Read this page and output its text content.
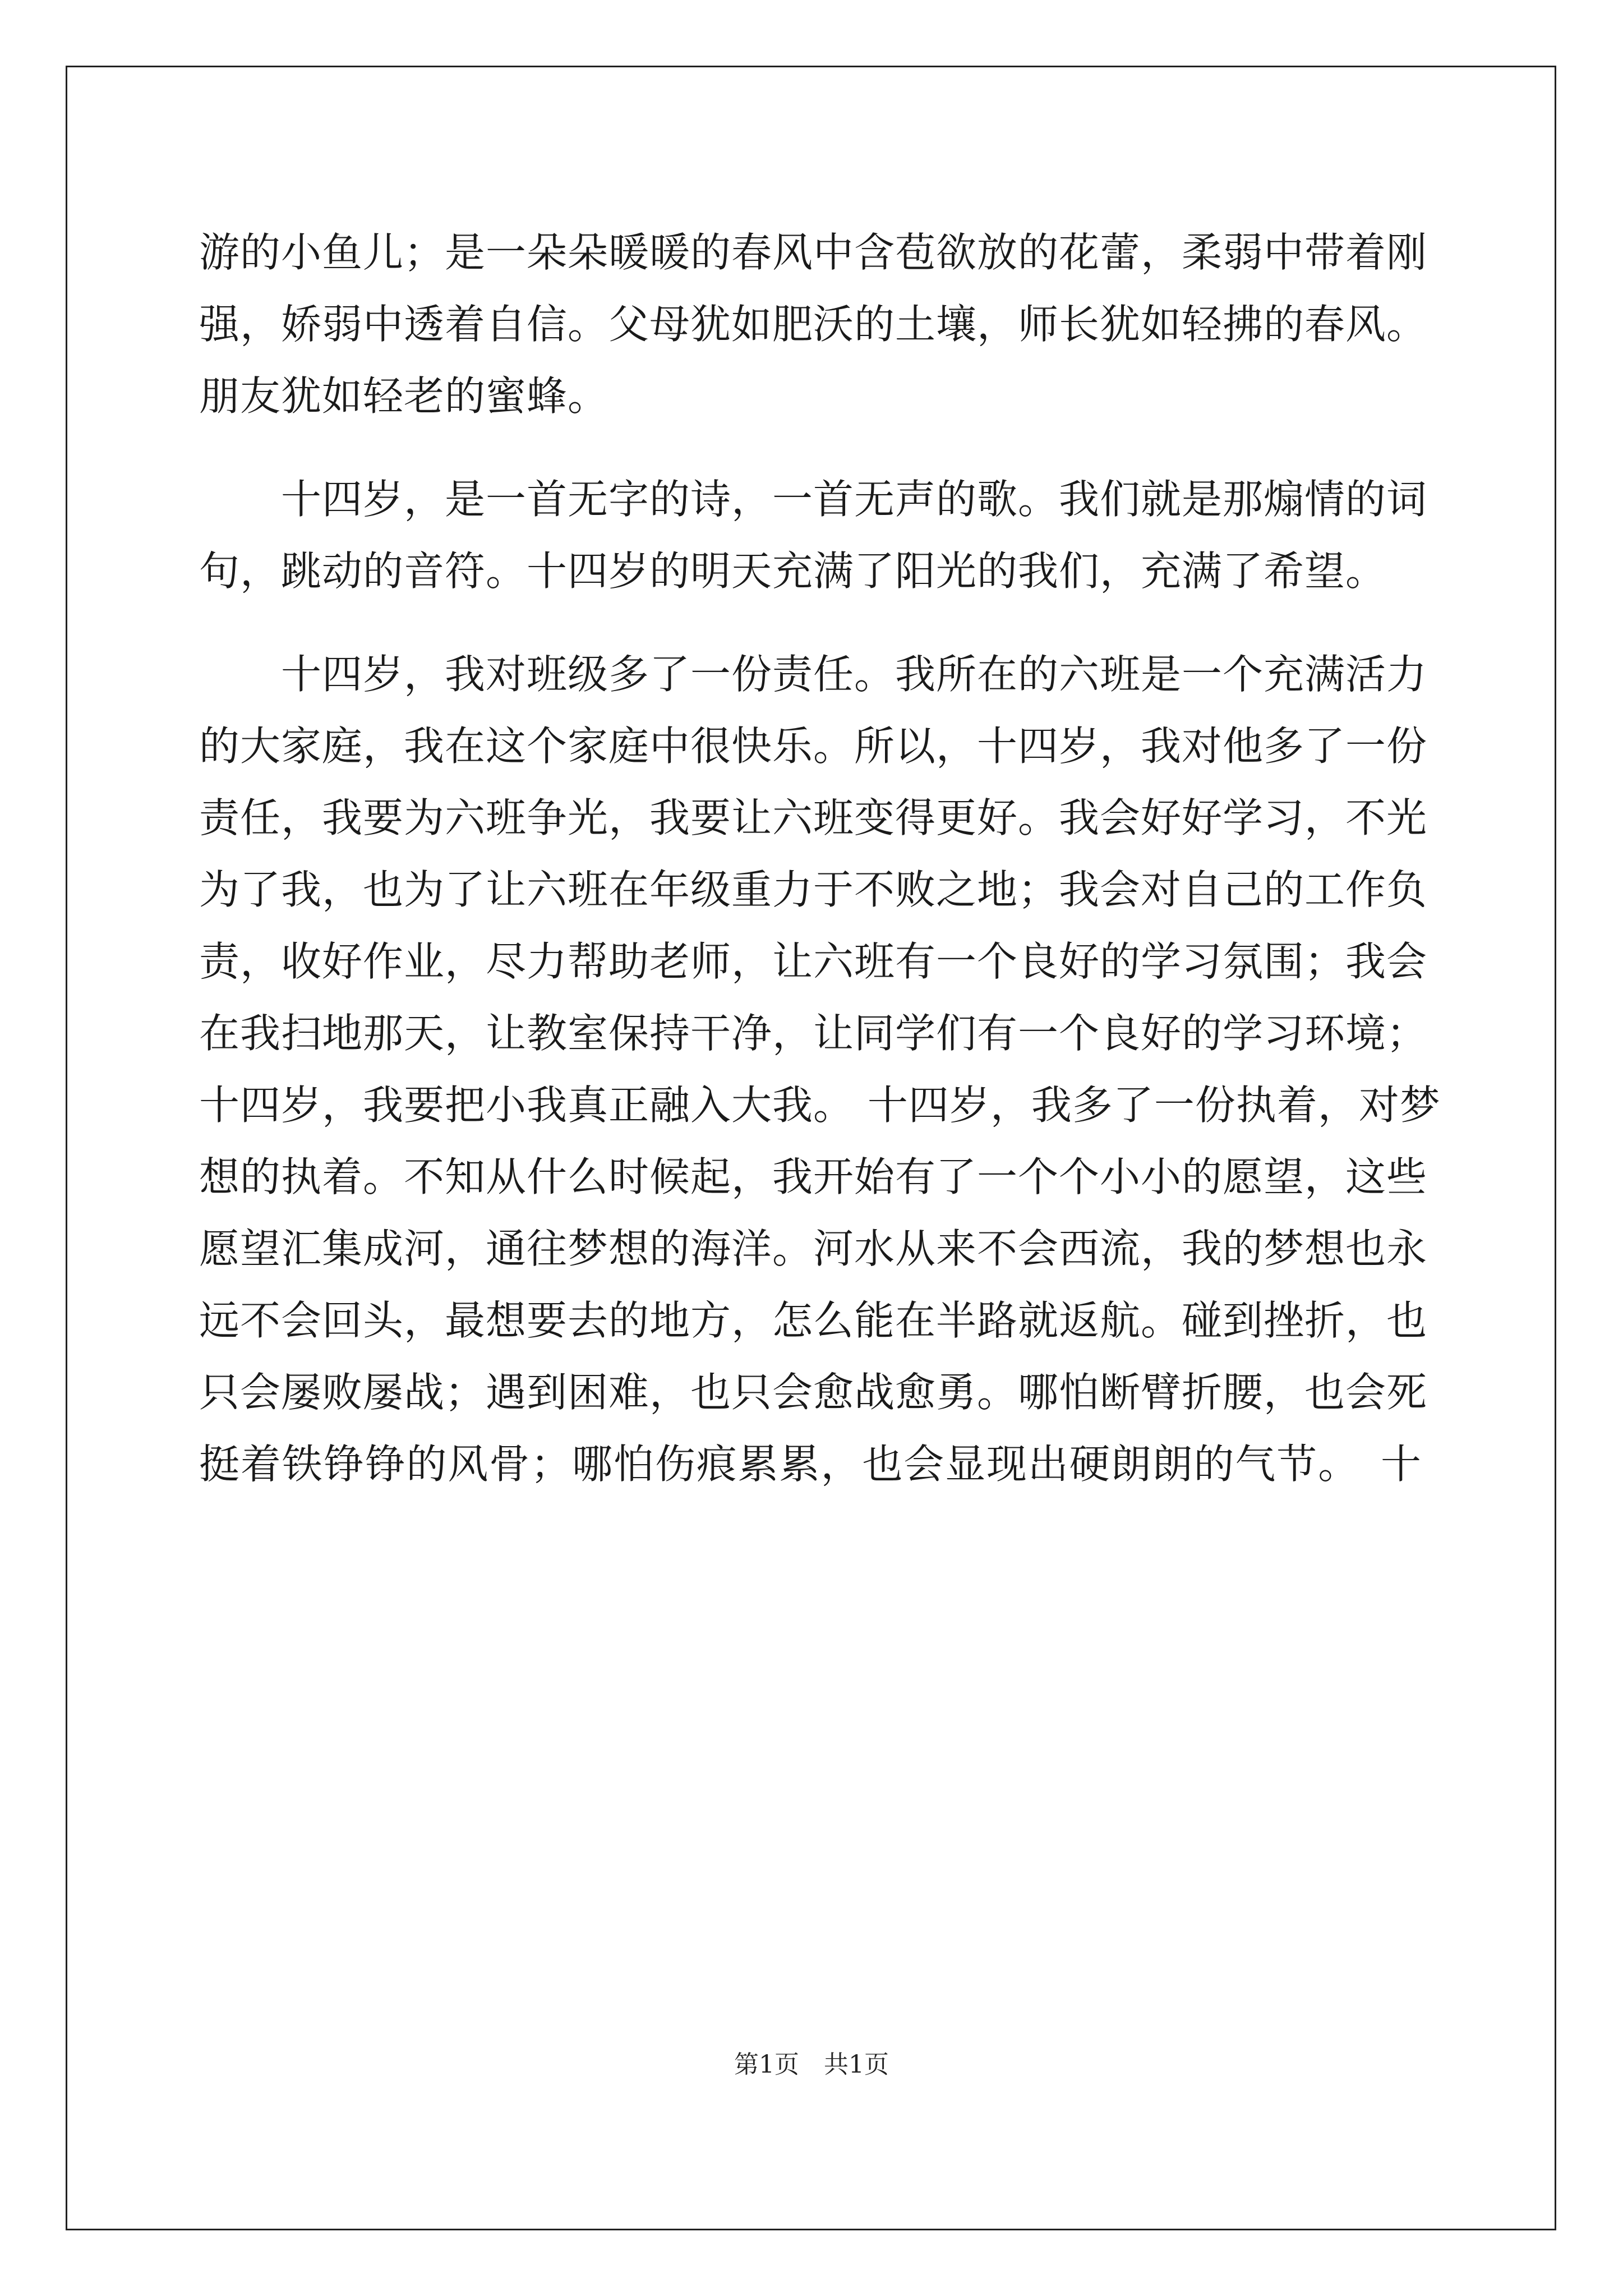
游的小鱼儿；是一朵朵暖暖的春风中含苞欲放的花蕾，柔弱中带着刚
强，娇弱中透着自信。父母犹如肥沃的土壤，师长犹如轻拂的春风。
朋友犹如轻老的蜜蜂。
　　十四岁，是一首无字的诗，一首无声的歌。我们就是那煽情的词
句，跳动的音符。十四岁的明天充满了阳光的我们，充满了希望。
　　十四岁，我对班级多了一份责任。我所在的六班是一个充满活力
的大家庭，我在这个家庭中很快乐。所以，十四岁，我对他多了一份
责任，我要为六班争光，我要让六班变得更好。我会好好学习，不光
为了我，也为了让六班在年级重力于不败之地；我会对自己的工作负
责，收好作业，尽力帮助老师，让六班有一个良好的学习氛围；我会
在我扫地那天，让教室保持干净，让同学们有一个良好的学习环境；
十四岁，我要把小我真正融入大我。 十四岁，我多了一份执着，对梦
想的执着。不知从什么时候起，我开始有了一个个小小的愿望，这些
愿望汇集成河，通往梦想的海洋。河水从来不会西流，我的梦想也永
远不会回头，最想要去的地方，怎么能在半路就返航。碰到挫折，也
只会屡败屡战；遇到困难，也只会愈战愈勇。哪怕断臂折腰，也会死
挺着铁铮铮的风骨；哪怕伤痕累累，也会显现出硬朗朗的气节。　十

第1页　共1页
